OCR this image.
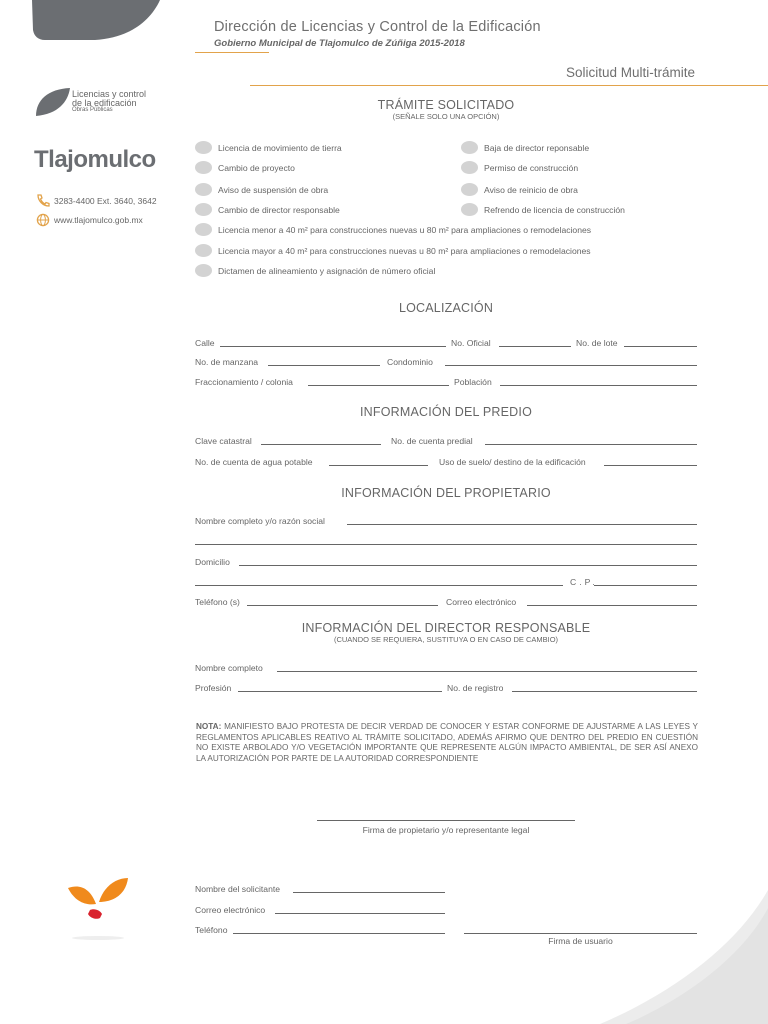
Dirección de Licencias y Control de la Edificación
Gobierno Municipal de Tlajomulco de Zúñiga 2015-2018
Solicitud Multi-trámite
Licencias y control
de la edificación
Obras Públicas
Tlajomulco
3283-4400 Ext. 3640, 3642
www.tlajomulco.gob.mx
TRÁMITE SOLICITADO
(SEÑALE SOLO UNA OPCIÓN)
Licencia de movimiento de tierra
Cambio de proyecto
Aviso de suspensión de obra
Cambio de director responsable
Baja de director reponsable
Permiso de construcción
Aviso de reinicio de obra
Refrendo de licencia de construcción
Licencia menor a 40 m² para construcciones nuevas u 80 m² para ampliaciones o remodelaciones
Licencia mayor a 40 m² para construcciones nuevas u 80 m² para ampliaciones o remodelaciones
Dictamen de alineamiento y asignación de número oficial
LOCALIZACIÓN
Calle	No. Oficial	No. de lote
No. de manzana	Condominio
Fraccionamiento / colonia	Población
INFORMACIÓN DEL PREDIO
Clave catastral	No. de cuenta predial
No. de cuenta de agua potable	Uso de suelo/ destino de la edificación
INFORMACIÓN DEL PROPIETARIO
Nombre completo y/o razón social
Domicilio
C.P.
Teléfono (s)	Correo electrónico
INFORMACIÓN DEL DIRECTOR RESPONSABLE
(CUANDO SE REQUIERA, SUSTITUYA O EN CASO DE CAMBIO)
Nombre completo
Profesión	No. de registro
NOTA: MANIFIESTO BAJO PROTESTA DE DECIR VERDAD DE CONOCER Y ESTAR CONFORME DE AJUSTARME A LAS LEYES Y REGLAMENTOS APLICABLES REATIVO AL TRÁMITE SOLICITADO, ADEMÁS AFIRMO QUE DENTRO DEL PREDIO EN CUESTIÓN NO EXISTE ARBOLADO Y/O VEGETACIÓN IMPORTANTE QUE REPRESENTE ALGÚN IMPACTO AMBIENTAL, DE SER ASÍ ANEXO LA AUTORIZACIÓN POR PARTE DE LA AUTORIDAD CORRESPONDIENTE
Firma de propietario y/o representante legal
Nombre del solicitante
Correo electrónico
Teléfono
Firma de usuario
